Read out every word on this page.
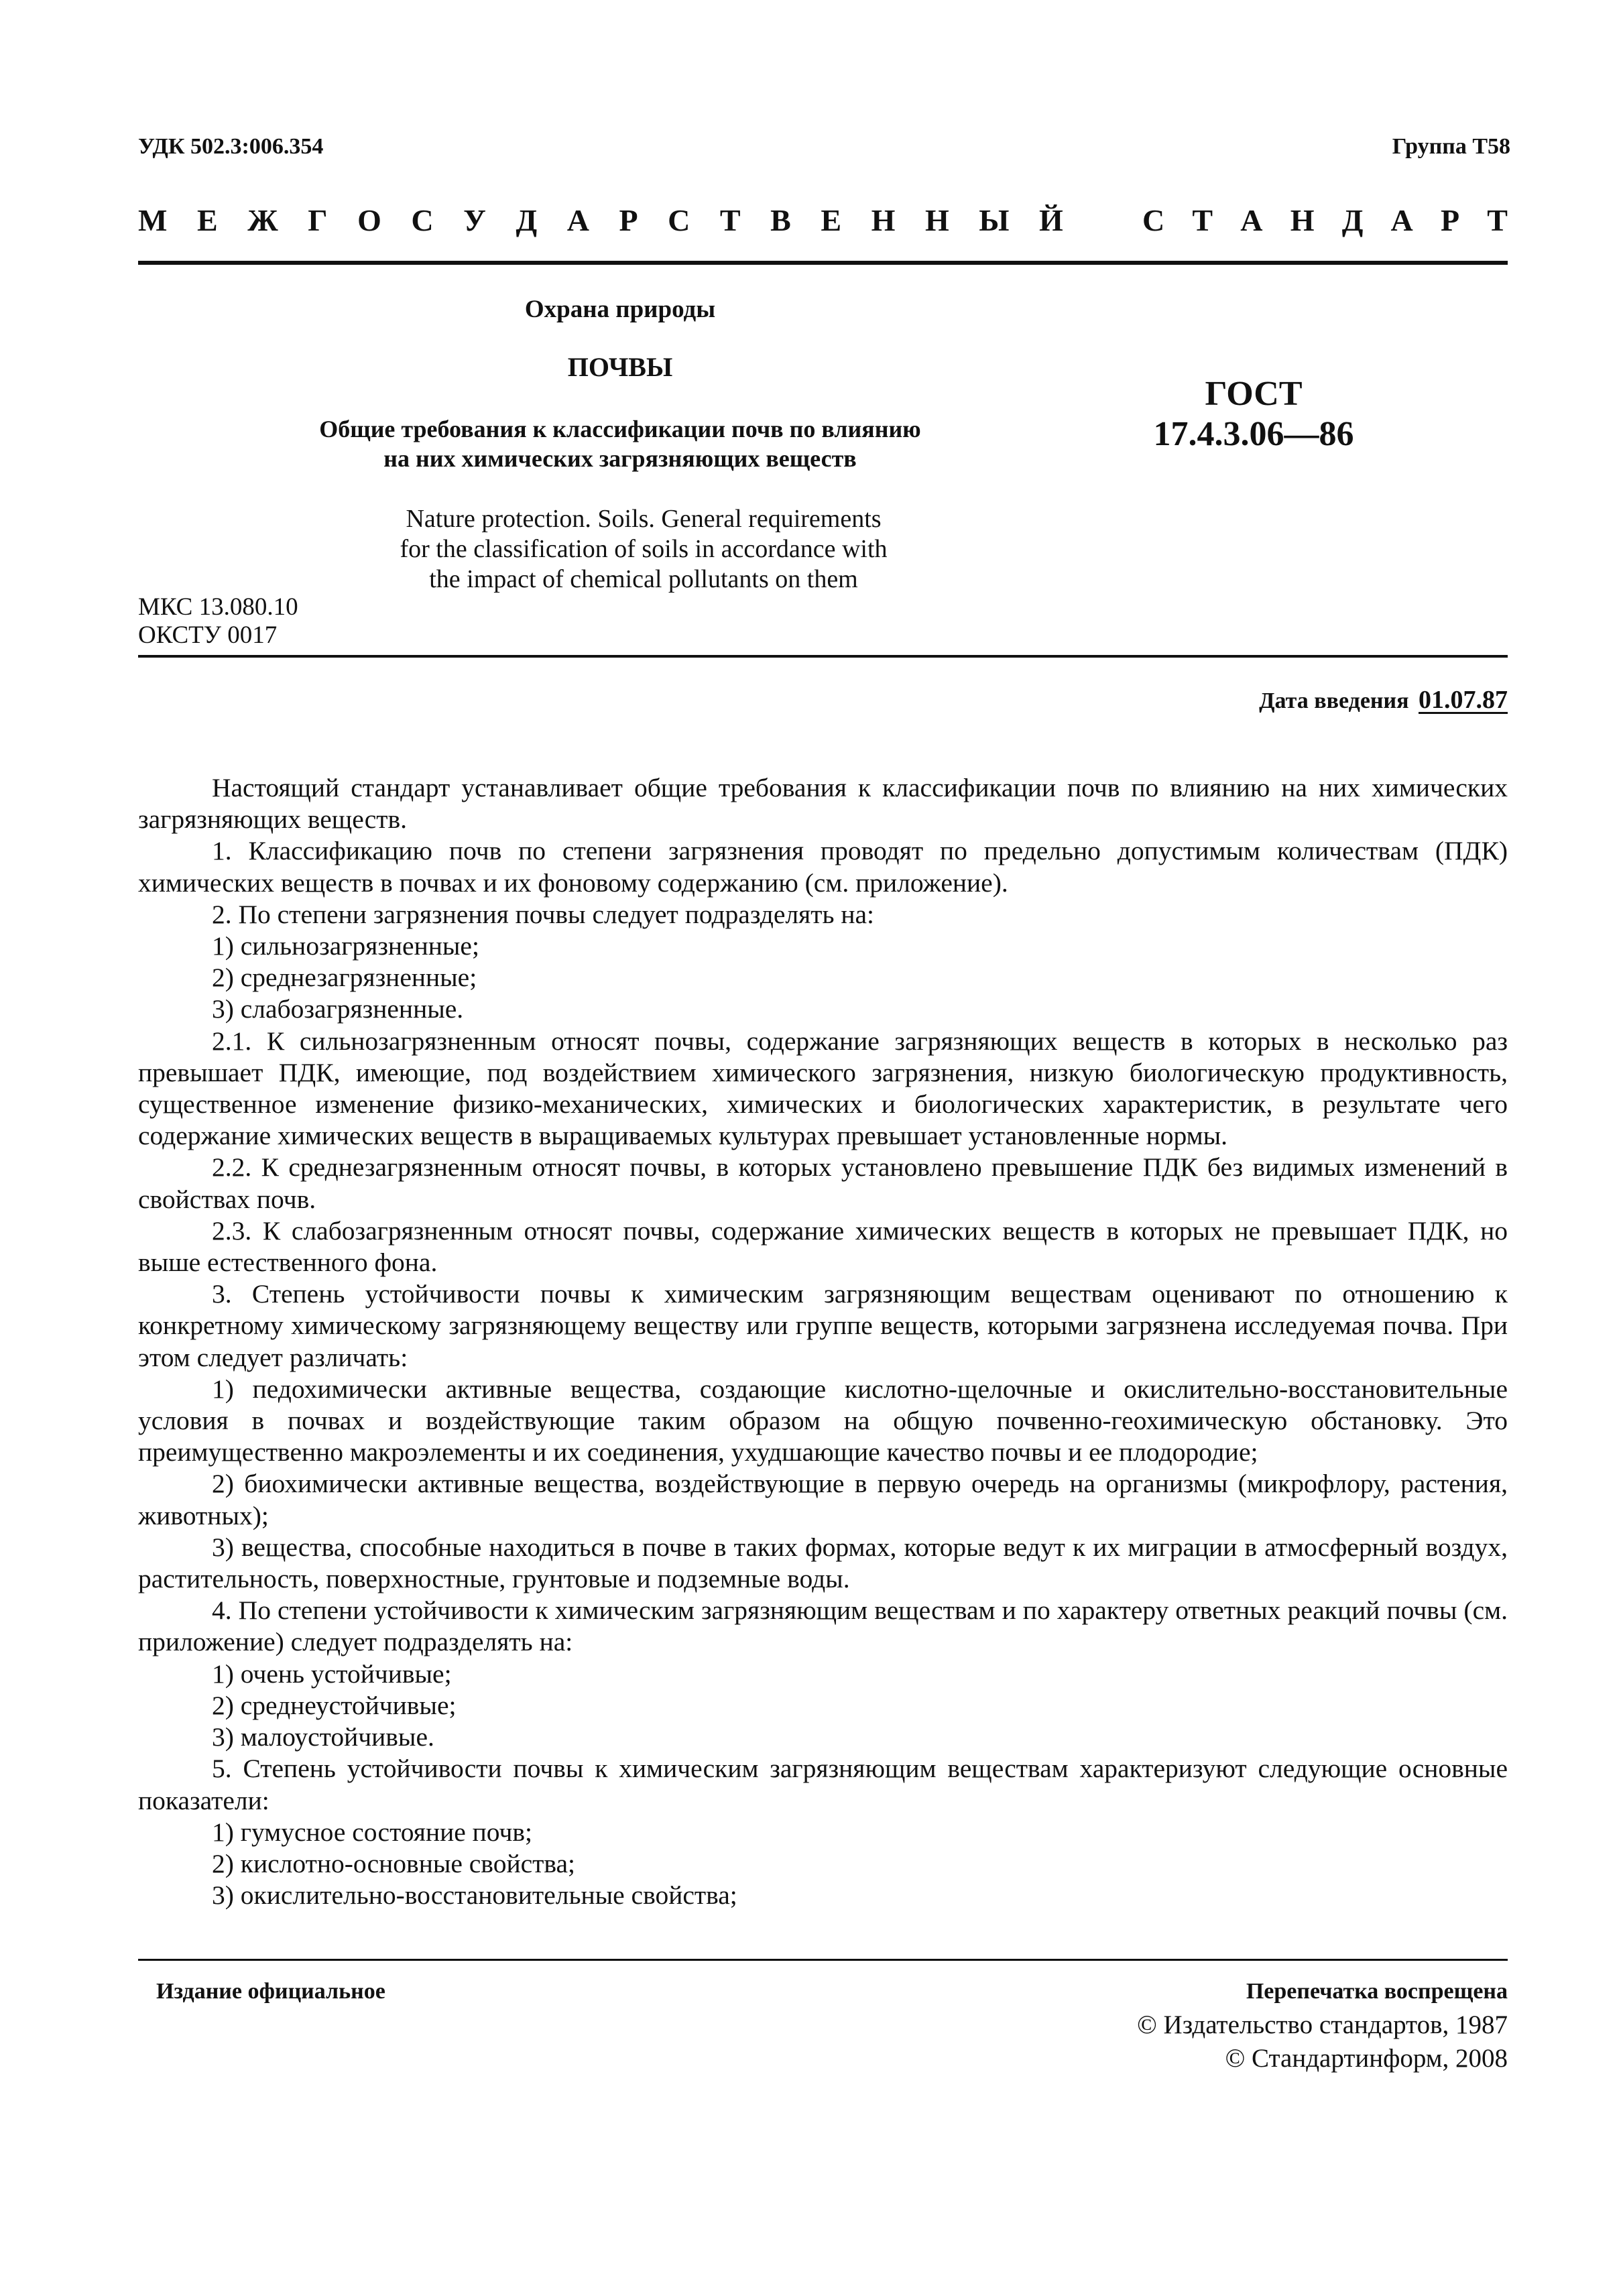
УДК 502.3:006.354	Группа Т58
М Е Ж Г О С У Д А Р С Т В Е Н Н Ы Й	С Т А Н Д А Р Т
Охрана природы
ПОЧВЫ
Общие требования к классификации почв по влиянию
на них химических загрязняющих веществ
Nature protection. Soils. General requirements
for the classification of soils in accordance with
the impact of chemical pollutants on them
ГОСТ
17.4.3.06—86
МКС 13.080.10
ОКСТУ 0017
Дата введения 01.07.87

Настоящий стандарт устанавливает общие требования к классификации почв по влиянию на них химических загрязняющих веществ.

1. Классификацию почв по степени загрязнения проводят по предельно допустимым количествам (ПДК) химических веществ в почвах и их фоновому содержанию (см. приложение).

2. По степени загрязнения почвы следует подразделять на:

1) сильнозагрязненные;

2) среднезагрязненные;

3) слабозагрязненные.

2.1. К сильнозагрязненным относят почвы, содержание загрязняющих веществ в которых в несколько раз превышает ПДК, имеющие, под воздействием химического загрязнения, низкую биологическую продуктивность, существенное изменение физико-механических, химических и биологических характеристик, в результате чего содержание химических веществ в выращиваемых культурах превышает установленные нормы.

2.2. К среднезагрязненным относят почвы, в которых установлено превышение ПДК без видимых изменений в свойствах почв.

2.3. К слабозагрязненным относят почвы, содержание химических веществ в которых не превышает ПДК, но выше естественного фона.

3. Степень устойчивости почвы к химическим загрязняющим веществам оценивают по отношению к конкретному химическому загрязняющему веществу или группе веществ, которыми загрязнена исследуемая почва. При этом следует различать:

1) педохимически активные вещества, создающие кислотно-щелочные и окислительно-восстановительные условия в почвах и воздействующие таким образом на общую почвенно-геохимическую обстановку. Это преимущественно макроэлементы и их соединения, ухудшающие качество почвы и ее плодородие;

2) биохимически активные вещества, воздействующие в первую очередь на организмы (микрофлору, растения, животных);

3) вещества, способные находиться в почве в таких формах, которые ведут к их миграции в атмосферный воздух, растительность, поверхностные, грунтовые и подземные воды.

4. По степени устойчивости к химическим загрязняющим веществам и по характеру ответных реакций почвы (см. приложение) следует подразделять на:

1) очень устойчивые;

2) среднеустойчивые;

3) малоустойчивые.

5. Степень устойчивости почвы к химическим загрязняющим веществам характеризуют следующие основные показатели:

1) гумусное состояние почв;

2) кислотно-основные свойства;

3) окислительно-восстановительные свойства;

Издание официальное	Перепечатка воспрещена
© Издательство стандартов, 1987
© Стандартинформ, 2008
